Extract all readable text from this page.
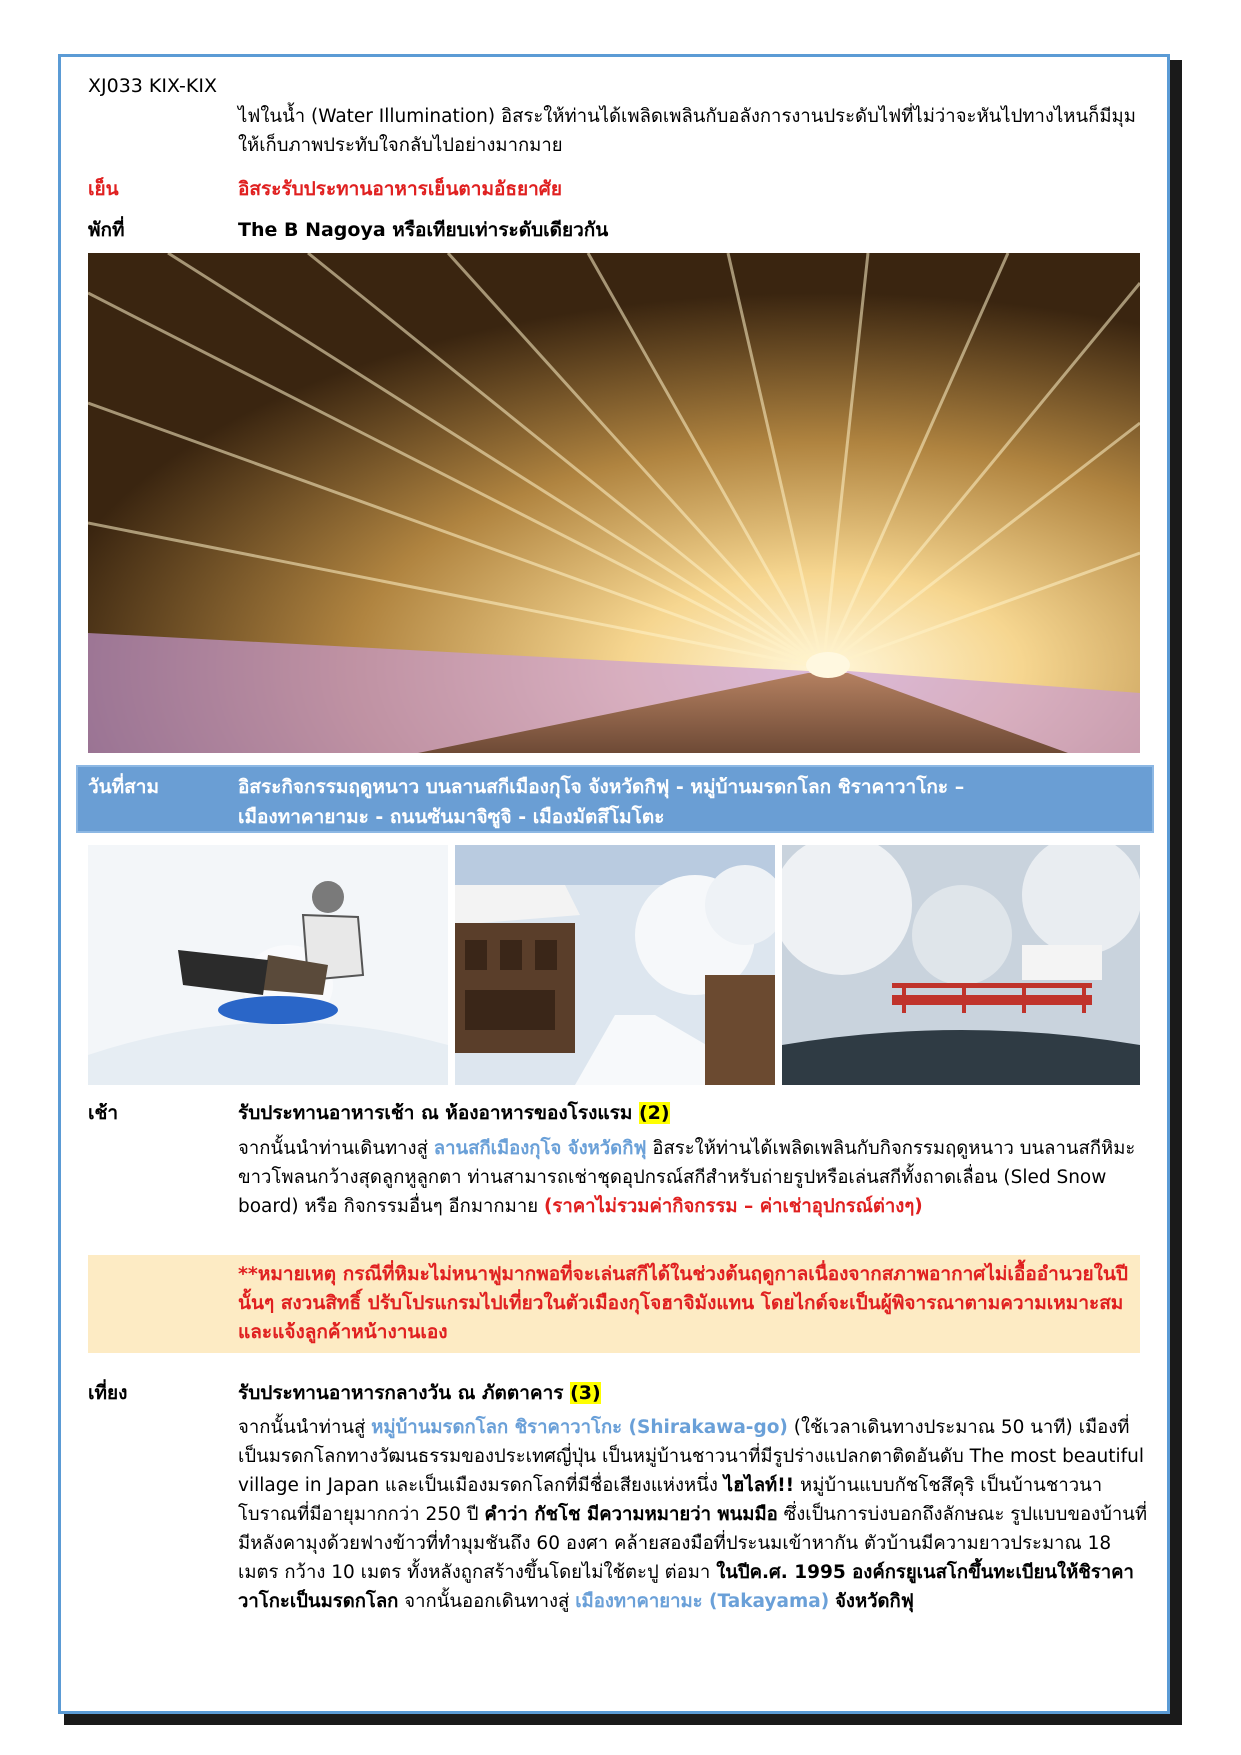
XJ033 KIX-KIX
ไฟในน้ำ (Water Illumination) อิสระให้ท่านได้เพลิดเพลินกับอลังการงานประดับไฟที่ไม่ว่าจะหันไปทางไหนก็มีมุมให้เก็บภาพประทับใจกลับไปอย่างมากมาย
เย็น	อิสระรับประทานอาหารเย็นตามอัธยาศัย
พักที่	The B Nagoya หรือเทียบเท่าระดับเดียวกัน
วันที่สาม	อิสระกิจกรรมฤดูหนาว บนลานสกีเมืองกุโจ จังหวัดกิฟุ - หมู่บ้านมรดกโลก ชิราคาวาโกะ –
เมืองทาคายามะ - ถนนซันมาจิซูจิ - เมืองมัตสึโมโตะ
เช้า	รับประทานอาหารเช้า ณ ห้องอาหารของโรงแรม (2)
จากนั้นนำท่านเดินทางสู่ ลานสกีเมืองกุโจ จังหวัดกิฟุ อิสระให้ท่านได้เพลิดเพลินกับกิจกรรมฤดูหนาว บนลานสกีหิมะขาวโพลนกว้างสุดลูกหูลูกตา ท่านสามารถเช่าชุดอุปกรณ์สกีสำหรับถ่ายรูปหรือเล่นสกีทั้งถาดเลื่อน (Sled Snow board) หรือ กิจกรรมอื่นๆ อีกมากมาย (ราคาไม่รวมค่ากิจกรรม – ค่าเช่าอุปกรณ์ต่างๆ)
**หมายเหตุ กรณีที่หิมะไม่หนาฟูมากพอที่จะเล่นสกีได้ในช่วงต้นฤดูกาลเนื่องจากสภาพอากาศไม่เอื้ออำนวยในปีนั้นๆ สงวนสิทธิ์ ปรับโปรแกรมไปเที่ยวในตัวเมืองกุโจฮาจิมังแทน โดยไกด์จะเป็นผู้พิจารณาตามความเหมาะสมและแจ้งลูกค้าหน้างานเอง
เที่ยง	รับประทานอาหารกลางวัน ณ ภัตตาคาร (3)
จากนั้นนำท่านสู่ หมู่บ้านมรดกโลก ชิราคาวาโกะ (Shirakawa-go) (ใช้เวลาเดินทางประมาณ 50 นาที) เมืองที่เป็นมรดกโลกทางวัฒนธรรมของประเทศญี่ปุ่น เป็นหมู่บ้านชาวนาที่มีรูปร่างแปลกตาติดอันดับ The most beautiful village in Japan และเป็นเมืองมรดกโลกที่มีชื่อเสียงแห่งหนึ่ง ไฮไลท์!! หมู่บ้านแบบกัชโชสึคุริ เป็นบ้านชาวนาโบราณที่มีอายุมากกว่า 250 ปี คำว่า กัชโช มีความหมายว่า พนมมือ ซึ่งเป็นการบ่งบอกถึงลักษณะ รูปแบบของบ้านที่มีหลังคามุงด้วยฟางข้าวที่ทำมุมชันถึง 60 องศา คล้ายสองมือที่ประนมเข้าหากัน ตัวบ้านมีความยาวประมาณ 18 เมตร กว้าง 10 เมตร ทั้งหลังถูกสร้างขึ้นโดยไม่ใช้ตะปู ต่อมา ในปีค.ศ. 1995 องค์กรยูเนสโกขึ้นทะเบียนให้ชิราคาวาโกะเป็นมรดกโลก จากนั้นออกเดินทางสู่ เมืองทาคายามะ (Takayama) จังหวัดกิฟุ
